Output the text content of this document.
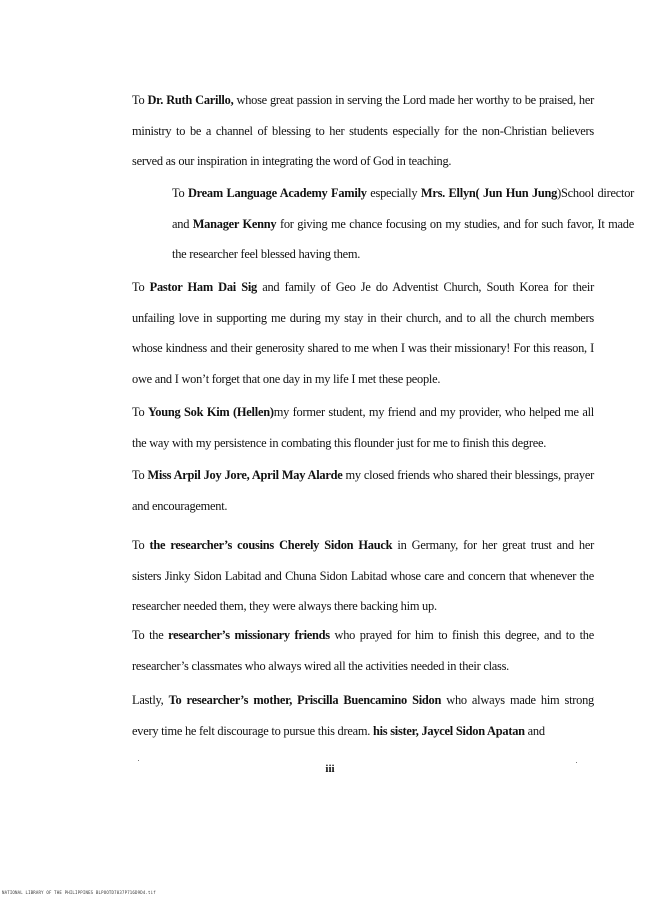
To Dr. Ruth Carillo, whose great passion in serving the Lord made her worthy to be praised, her ministry to be a channel of blessing to her students especially for the non-Christian believers served as our inspiration in integrating the word of God in teaching.

To Dream Language Academy Family especially Mrs. Ellyn( Jun Hun Jung)School director and Manager Kenny for giving me chance focusing on my studies, and for such favor, It made the researcher feel blessed having them.

To Pastor Ham Dai Sig and family of Geo Je do Adventist Church, South Korea for their unfailing love in supporting me during my stay in their church, and to all the church members whose kindness and their generosity shared to me when I was their missionary! For this reason, I owe and I won’t forget that one day in my life I met these people.

To Young Sok Kim (Hellen)my former student, my friend and my provider, who helped me all the way with my persistence in combating this flounder just for me to finish this degree.

To Miss Arpil Joy Jore, April May Alarde my closed friends who shared their blessings, prayer and encouragement.

To the researcher’s cousins Cherely Sidon Hauck in Germany, for her great trust and her sisters Jinky Sidon Labitad and Chuna Sidon Labitad whose care and concern that whenever the researcher needed them, they were always there backing him up.

To the researcher’s missionary friends who prayed for him to finish this degree, and to the researcher’s classmates who always wired all the activities needed in their class.

Lastly, To researcher’s mother, Priscilla Buencamino Sidon who always made him strong every time he felt discourage to pursue this dream. his sister, Jaycel Sidon Apatan and

iii
NATIONAL LIBRARY OF THE PHILIPPINES BLPOOTD7037P716D9D4.tif
